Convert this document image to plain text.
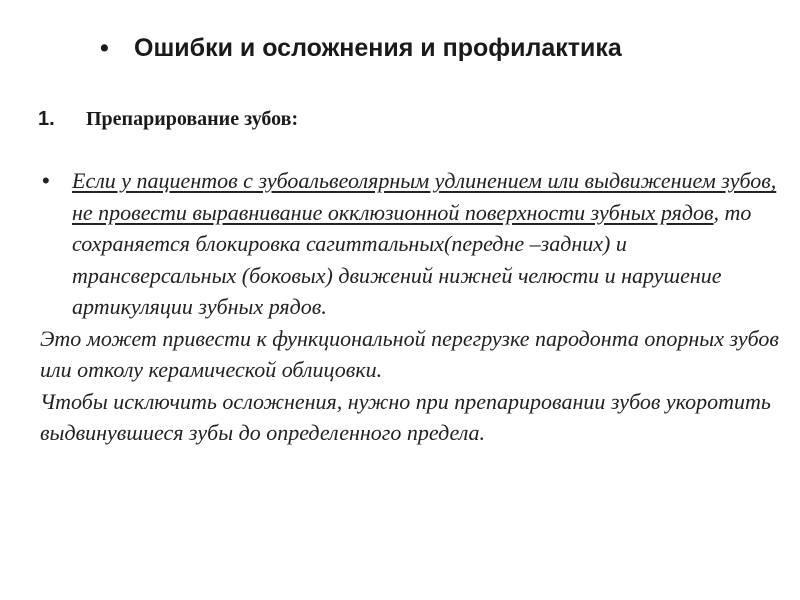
• Ошибки и осложнения и профилактика
1. Препарирование зубов:
• Если у пациентов с зубоальвеолярным удлинением или выдвижением зубов, не провести выравнивание окклюзионной поверхности зубных рядов, то сохраняется блокировка сагиттальных(передне –задних) и трансверсальных (боковых) движений нижней челюсти и нарушение артикуляции зубных рядов.

Это может привести к функциональной перегрузке пародонта опорных зубов или отколу керамической облицовки.

Чтобы исключить осложнения, нужно при препарировании зубов укоротить выдвинувшиеся зубы до определенного предела.
